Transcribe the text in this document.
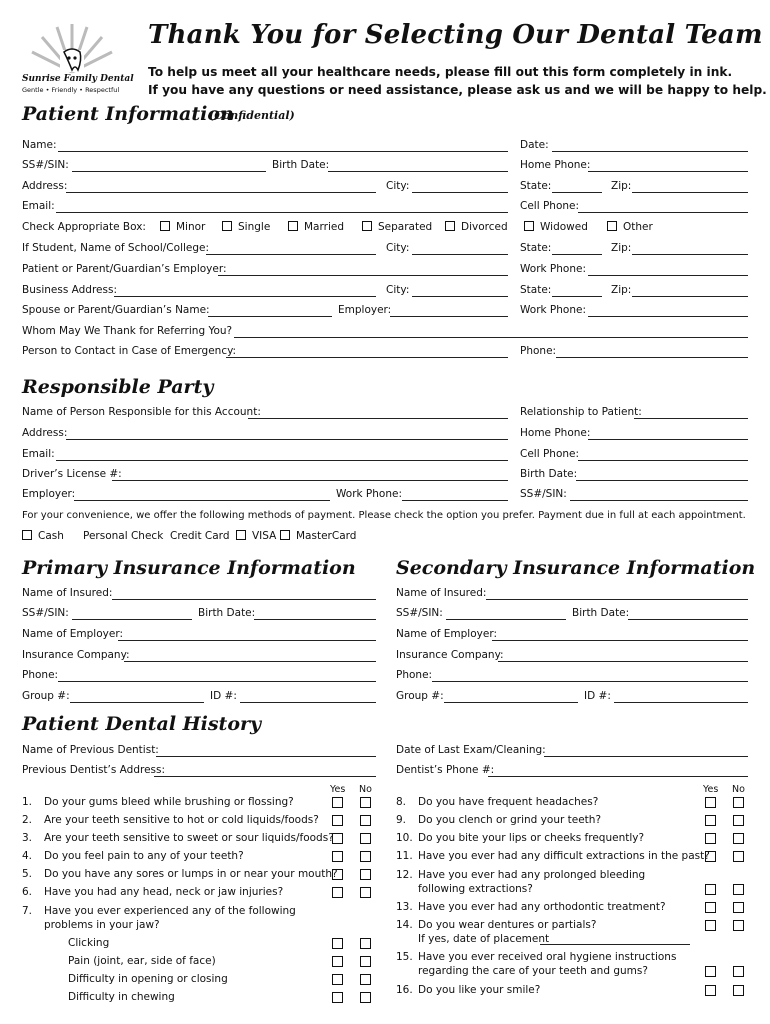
Sunrise Family Dental
Gentle • Friendly • Respectful
Thank You for Selecting Our Dental Team
To help us meet all your healthcare needs, please fill out this form completely in ink.
If you have any questions or need assistance, please ask us and we will be happy to help.
Patient Information
(Confidential)
Name:	Date:
SS#/SIN:	Birth Date:	Home Phone:
Address:	City:	State:	Zip:
Email:	Cell Phone:
Check Appropriate Box:	Minor	Single	Married	Separated	Divorced	Widowed	Other
If Student, Name of School/College:	City:	State:	Zip:
Patient or Parent/Guardian’s Employer:	Work Phone:
Business Address:	City:	State:	Zip:
Spouse or Parent/Guardian’s Name:	Employer:	Work Phone:
Whom May We Thank for Referring You?
Person to Contact in Case of Emergency:	Phone:
Responsible Party
Name of Person Responsible for this Account:	Relationship to Patient:
Address:	Home Phone:
Email:	Cell Phone:
Driver’s License #:	Birth Date:
Employer:	Work Phone:	SS#/SIN:
For your convenience, we offer the following methods of payment. Please check the option you prefer. Payment due in full at each appointment.
Cash Personal Check Credit Card	VISA	MasterCard
Primary Insurance Information
Name of Insured:
SS#/SIN:	Birth Date:
Name of Employer:
Insurance Company:
Phone:
Group #:	ID #:
Secondary Insurance Information
Name of Insured:
SS#/SIN:	Birth Date:
Name of Employer:
Insurance Company:
Phone:
Group #:	ID #:
Patient Dental History
Name of Previous Dentist:	Date of Last Exam/Cleaning:
Previous Dentist’s Address:	Dentist’s Phone #:
Yes No	Yes No
1. Do your gums bleed while brushing or flossing?
2. Are your teeth sensitive to hot or cold liquids/foods?
3. Are your teeth sensitive to sweet or sour liquids/foods?
4. Do you feel pain to any of your teeth?
5. Do you have any sores or lumps in or near your mouth?
6. Have you had any head, neck or jaw injuries?
7. Have you ever experienced any of the following
problems in your jaw?
Clicking
Pain (joint, ear, side of face)
Difficulty in opening or closing
Difficulty in chewing
8. Do you have frequent headaches?
9. Do you clench or grind your teeth?
10. Do you bite your lips or cheeks frequently?
11. Have you ever had any difficult extractions in the past?
12. Have you ever had any prolonged bleeding
following extractions?
13. Have you ever had any orthodontic treatment?
14. Do you wear dentures or partials?
If yes, date of placement
15. Have you ever received oral hygiene instructions
regarding the care of your teeth and gums?
16. Do you like your smile?
